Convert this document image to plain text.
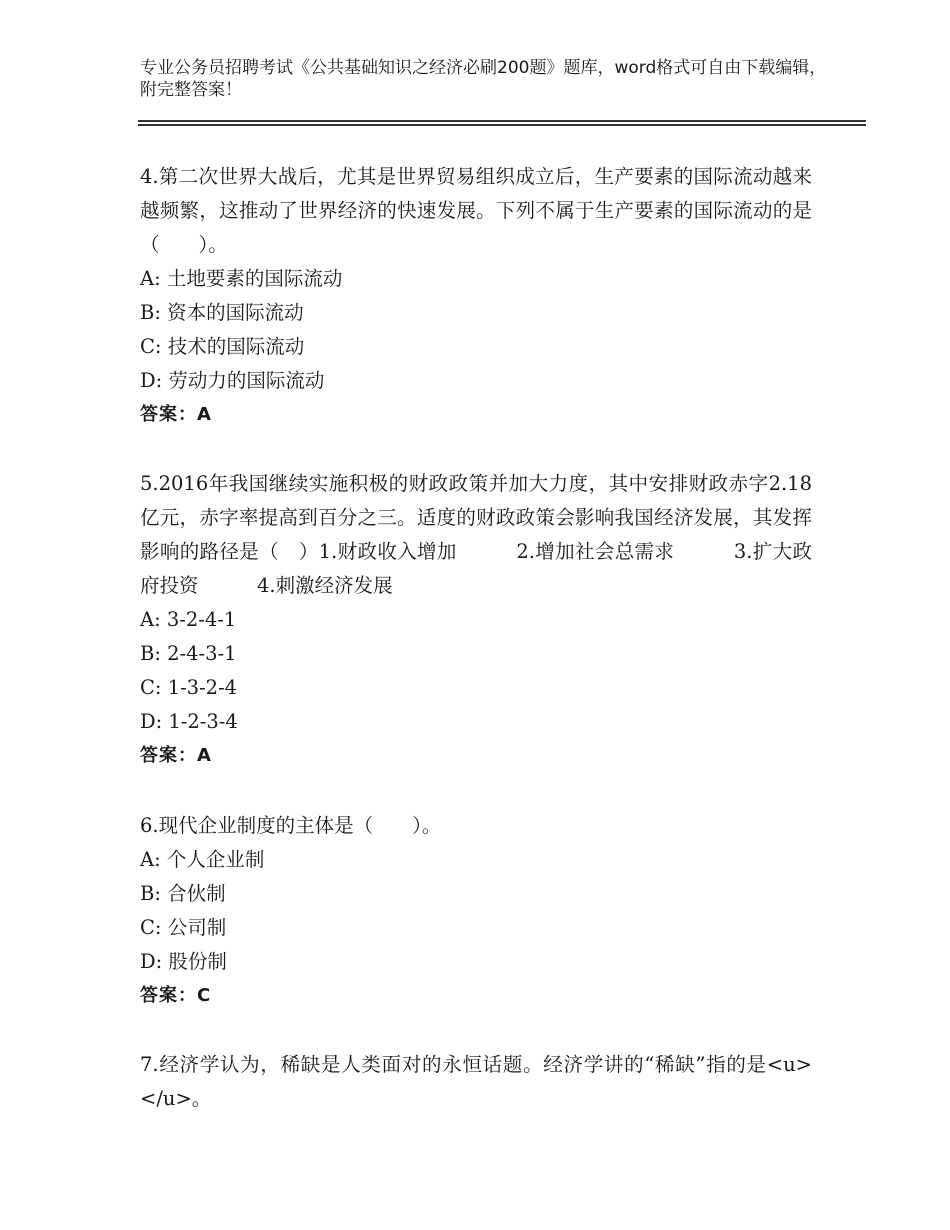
专业公务员招聘考试《公共基础知识之经济必刷200题》题库，word格式可自由下载编辑，附完整答案！

4.第二次世界大战后，尤其是世界贸易组织成立后，生产要素的国际流动越来越频繁，这推动了世界经济的快速发展。下列不属于生产要素的国际流动的是（　　）。

A: 土地要素的国际流动

B: 资本的国际流动

C: 技术的国际流动

D: 劳动力的国际流动

答案：A

5.2016年我国继续实施积极的财政政策并加大力度，其中安排财政赤字2.18亿元，赤字率提高到百分之三。适度的财政政策会影响我国经济发展，其发挥影响的路径是（　）1.财政收入增加　　　2.增加社会总需求　　　3.扩大政府投资　　　4.刺激经济发展

A: 3-2-4-1

B: 2-4-3-1

C: 1-3-2-4

D: 1-2-3-4

答案：A

6.现代企业制度的主体是（　　）。

A: 个人企业制

B: 合伙制

C: 公司制

D: 股份制

答案：C

7.经济学认为，稀缺是人类面对的永恒话题。经济学讲的“稀缺”指的是<u>　　　</u>。
